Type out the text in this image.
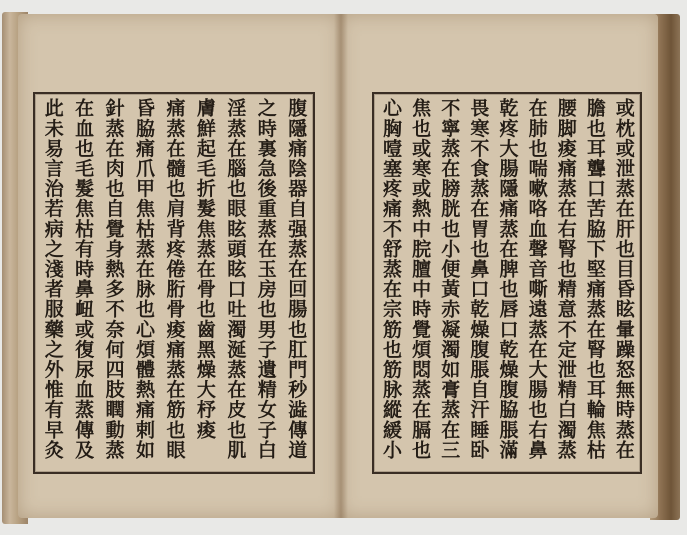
腹隱痛陰器自强蒸在回腸也肛門秒澁傳道
之時裏急後重蒸在玉房也男子遺精女子白
淫蒸在腦也眼眩頭眩口吐濁涎蒸在皮也肌
膚鮮起毛折髮焦蒸在骨也齒黑燥大杼痠
痛蒸在髓也肩背疼倦胻骨痠痛蒸在筋也眼
昏脇痛爪甲焦枯蒸在脉也心煩體熱痛剌如
針蒸在肉也自覺身熱多不奈何四肢瞤動蒸
在血也毛髮焦枯有時鼻衄或復尿血蒸傳及
此未易言治若病之淺者服藥之外惟有早灸	或枕或泄蒸在肝也目昏眩暈躁怒無時蒸在
膽也耳聾口苦脇下堅痛蒸在腎也耳輪焦枯
腰脚痠痛蒸在右腎也精意不定泄精白濁蒸
在肺也喘嗽咯血聲音嘶遠蒸在大腸也右鼻
乾疼大腸隱痛蒸在脾也唇口乾燥腹脇脹滿
畏寒不食蒸在胃也鼻口乾燥腹脹自汗睡卧
不寧蒸在膀胱也小便黃赤凝濁如膏蒸在三
焦也或寒或熱中脘膻中時覺煩悶蒸在膈也
心胸噎塞疼痛不舒蒸在宗筋也筋脉縱緩小
